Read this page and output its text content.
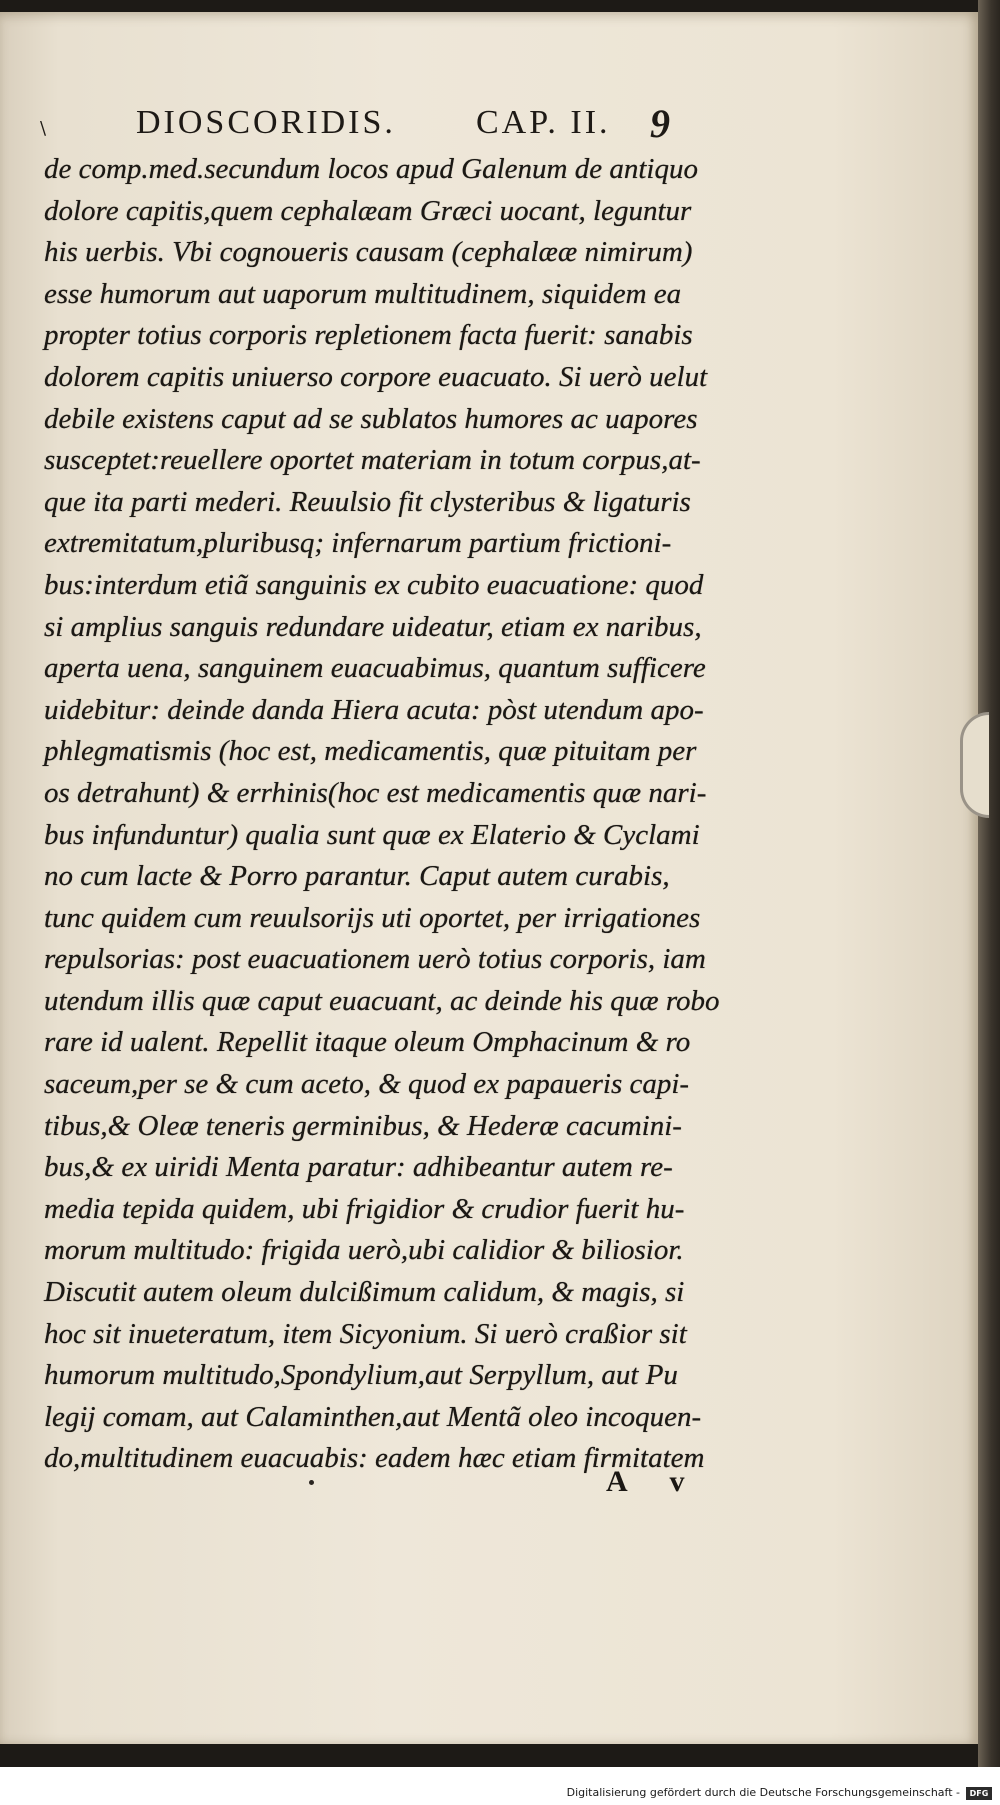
\	DIOSCORIDIS. CAP. II. 9
de comp.med.secundum locos apud Galenum de antiquo
dolore capitis,quem cephalæam Græci uocant, leguntur
his uerbis. Vbi cognoueris causam (cephalææ nimirum)
esse humorum aut uaporum multitudinem, siquidem ea
propter totius corporis repletionem facta fuerit: sanabis
dolorem capitis uniuerso corpore euacuato. Si uerò uelut
debile existens caput ad se sublatos humores ac uapores
susceptet:reuellere oportet materiam in totum corpus,at-
que ita parti mederi. Reuulsio fit clysteribus & ligaturis
extremitatum,pluribusq; infernarum partium frictioni-
bus:interdum etiã sanguinis ex cubito euacuatione: quod
si amplius sanguis redundare uideatur, etiam ex naribus,
aperta uena, sanguinem euacuabimus, quantum sufficere
uidebitur: deinde danda Hiera acuta: pòst utendum apo-
phlegmatismis (hoc est, medicamentis, quæ pituitam per
os detrahunt) & errhinis(hoc est medicamentis quæ nari-
bus infunduntur) qualia sunt quæ ex Elaterio & Cyclami
no cum lacte & Porro parantur. Caput autem curabis,
tunc quidem cum reuulsorijs uti oportet, per irrigationes
repulsorias: post euacuationem uerò totius corporis, iam
utendum illis quæ caput euacuant, ac deinde his quæ robo
rare id ualent. Repellit itaque oleum Omphacinum & ro
saceum,per se & cum aceto, & quod ex papaueris capi-
tibus,& Oleæ teneris germinibus, & Hederæ cacumini-
bus,& ex uiridi Menta paratur: adhibeantur autem re-
media tepida quidem, ubi frigidior & crudior fuerit hu-
morum multitudo: frigida uerò,ubi calidior & biliosior.
Discutit autem oleum dulcißimum calidum, & magis, si
hoc sit inueteratum, item Sicyonium. Si uerò craßior sit
humorum multitudo,Spondylium,aut Serpyllum, aut Pu
legij comam, aut Calaminthen,aut Mentã oleo incoquen-
do,multitudinem euacuabis: eadem hæc etiam firmitatem
A v
Digitalisierung gefördert durch die Deutsche Forschungsgemeinschaft -	DFG
